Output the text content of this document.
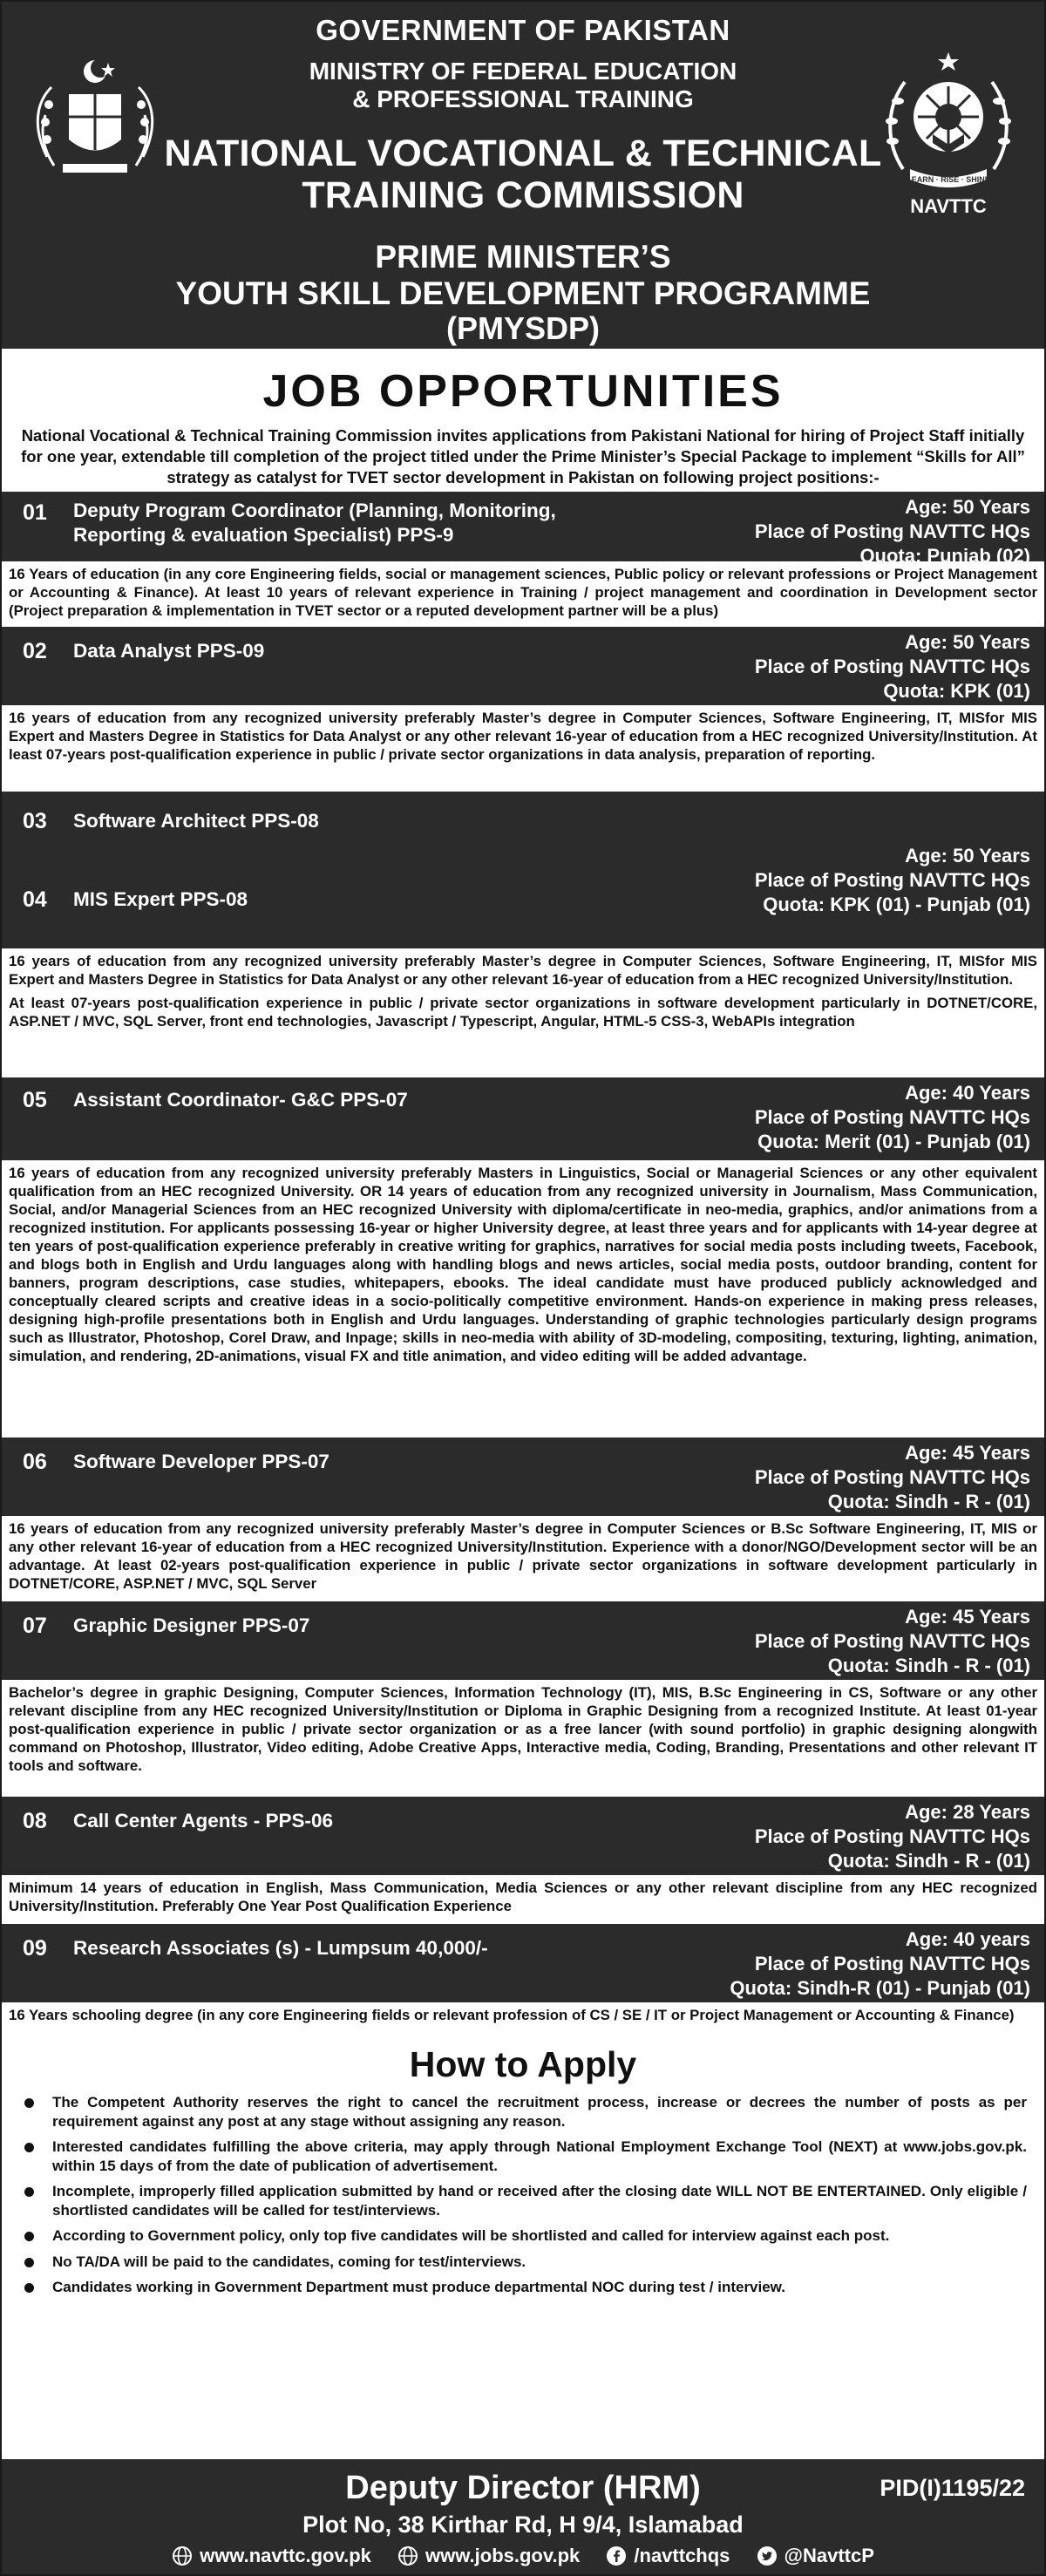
GOVERNMENT OF PAKISTAN
MINISTRY OF FEDERAL EDUCATION
& PROFESSIONAL TRAINING
NATIONAL VOCATIONAL & TECHNICAL
TRAINING COMMISSION
PRIME MINISTER’S
YOUTH SKILL DEVELOPMENT PROGRAMME
(PMYSDP)
LEARN · RISE · SHINE
NAVTTC
JOB OPPORTUNITIES
National Vocational & Technical Training Commission invites applications from Pakistani National for hiring of Project Staff initially for one year, extendable till completion of the project titled under the Prime Minister’s Special Package to implement “Skills for All” strategy as catalyst for TVET sector development in Pakistan on following project positions:-
01 Deputy Program Coordinator (Planning, Monitoring, Reporting & evaluation Specialist) PPS-9
Age: 50 Years
Place of Posting NAVTTC HQs
Quota: Punjab (02)
16 Years of education (in any core Engineering fields, social or management sciences, Public policy or relevant professions or Project Management or Accounting & Finance). At least 10 years of relevant experience in Training / project management and coordination in Development sector (Project preparation & implementation in TVET sector or a reputed development partner will be a plus)
02 Data Analyst PPS-09	Age: 50 Years
Place of Posting NAVTTC HQs
Quota: KPK (01)
16 years of education from any recognized university preferably Master’s degree in Computer Sciences, Software Engineering, IT, MISfor MIS Expert and Masters Degree in Statistics for Data Analyst or any other relevant 16-year of education from a HEC recognized University/Institution. At least 07-years post-qualification experience in public / private sector organizations in data analysis, preparation of reporting.
03 Software Architect PPS-08
04 MIS Expert PPS-08
Age: 50 Years
Place of Posting NAVTTC HQs
Quota: KPK (01) - Punjab (01)

16 years of education from any recognized university preferably Master’s degree in Computer Sciences, Software Engineering, IT, MISfor MIS Expert and Masters Degree in Statistics for Data Analyst or any other relevant 16-year of education from a HEC recognized University/Institution.

At least 07-years post-qualification experience in public / private sector organizations in software development particularly in DOTNET/CORE, ASP.NET / MVC, SQL Server, front end technologies, Javascript / Typescript, Angular, HTML-5 CSS-3, WebAPIs integration

05 Assistant Coordinator- G&C PPS-07	Age: 40 Years
Place of Posting NAVTTC HQs
Quota: Merit (01) - Punjab (01)
16 years of education from any recognized university preferably Masters in Linguistics, Social or Managerial Sciences or any other equivalent qualification from an HEC recognized University. OR 14 years of education from any recognized university in Journalism, Mass Communication, Social, and/or Managerial Sciences from an HEC recognized University with diploma/certificate in neo-media, graphics, and/or animations from a recognized institution. For applicants possessing 16-year or higher University degree, at least three years and for applicants with 14-year degree at ten years of post-qualification experience preferably in creative writing for graphics, narratives for social media posts including tweets, Facebook, and blogs both in English and Urdu languages along with handling blogs and news articles, social media posts, outdoor branding, content for banners, program descriptions, case studies, whitepapers, ebooks. The ideal candidate must have produced publicly acknowledged and conceptually cleared scripts and creative ideas in a socio-politically competitive environment. Hands-on experience in making press releases, designing high-profile presentations both in English and Urdu languages. Understanding of graphic technologies particularly design programs such as Illustrator, Photoshop, Corel Draw, and Inpage; skills in neo-media with ability of 3D-modeling, compositing, texturing, lighting, animation, simulation, and rendering, 2D-animations, visual FX and title animation, and video editing will be added advantage.
06 Software Developer PPS-07	Age: 45 Years
Place of Posting NAVTTC HQs
Quota: Sindh - R - (01)
16 years of education from any recognized university preferably Master’s degree in Computer Sciences or B.Sc Software Engineering, IT, MIS or any other relevant 16-year of education from a HEC recognized University/Institution. Experience with a donor/NGO/Development sector will be an advantage. At least 02-years post-qualification experience in public / private sector organizations in software development particularly in DOTNET/CORE, ASP.NET / MVC, SQL Server
07 Graphic Designer PPS-07	Age: 45 Years
Place of Posting NAVTTC HQs
Quota: Sindh - R - (01)
Bachelor’s degree in graphic Designing, Computer Sciences, Information Technology (IT), MIS, B.Sc Engineering in CS, Software or any other relevant discipline from any HEC recognized University/Institution or Diploma in Graphic Designing from a recognized Institute. At least 01-year post-qualification experience in public / private sector organization or as a free lancer (with sound portfolio) in graphic designing alongwith command on Photoshop, Illustrator, Video editing, Adobe Creative Apps, Interactive media, Coding, Branding, Presentations and other relevant IT tools and software.
08 Call Center Agents - PPS-06	Age: 28 Years
Place of Posting NAVTTC HQs
Quota: Sindh - R - (01)
Minimum 14 years of education in English, Mass Communication, Media Sciences or any other relevant discipline from any HEC recognized University/Institution. Preferably One Year Post Qualification Experience
09 Research Associates (s) - Lumpsum 40,000/-	Age: 40 years
Place of Posting NAVTTC HQs
Quota: Sindh-R (01) - Punjab (01)
16 Years schooling degree (in any core Engineering fields or relevant profession of CS / SE / IT or Project Management or Accounting & Finance)
How to Apply
The Competent Authority reserves the right to cancel the recruitment process, increase or decrees the number of posts as per requirement against any post at any stage without assigning any reason.
Interested candidates fulfilling the above criteria, may apply through National Employment Exchange Tool (NEXT) at www.jobs.gov.pk. within 15 days of from the date of publication of advertisement.
Incomplete, improperly filled application submitted by hand or received after the closing date WILL NOT BE ENTERTAINED. Only eligible / shortlisted candidates will be called for test/interviews.
According to Government policy, only top five candidates will be shortlisted and called for interview against each post.
No TA/DA will be paid to the candidates, coming for test/interviews.
Candidates working in Government Department must produce departmental NOC during test / interview.
Deputy Director (HRM)	PID(I)1195/22
Plot No, 38 Kirthar Rd, H 9/4, Islamabad
www.navttc.gov.pk
	www.jobs.gov.pk
	/navttchqs
	@NavttcP
